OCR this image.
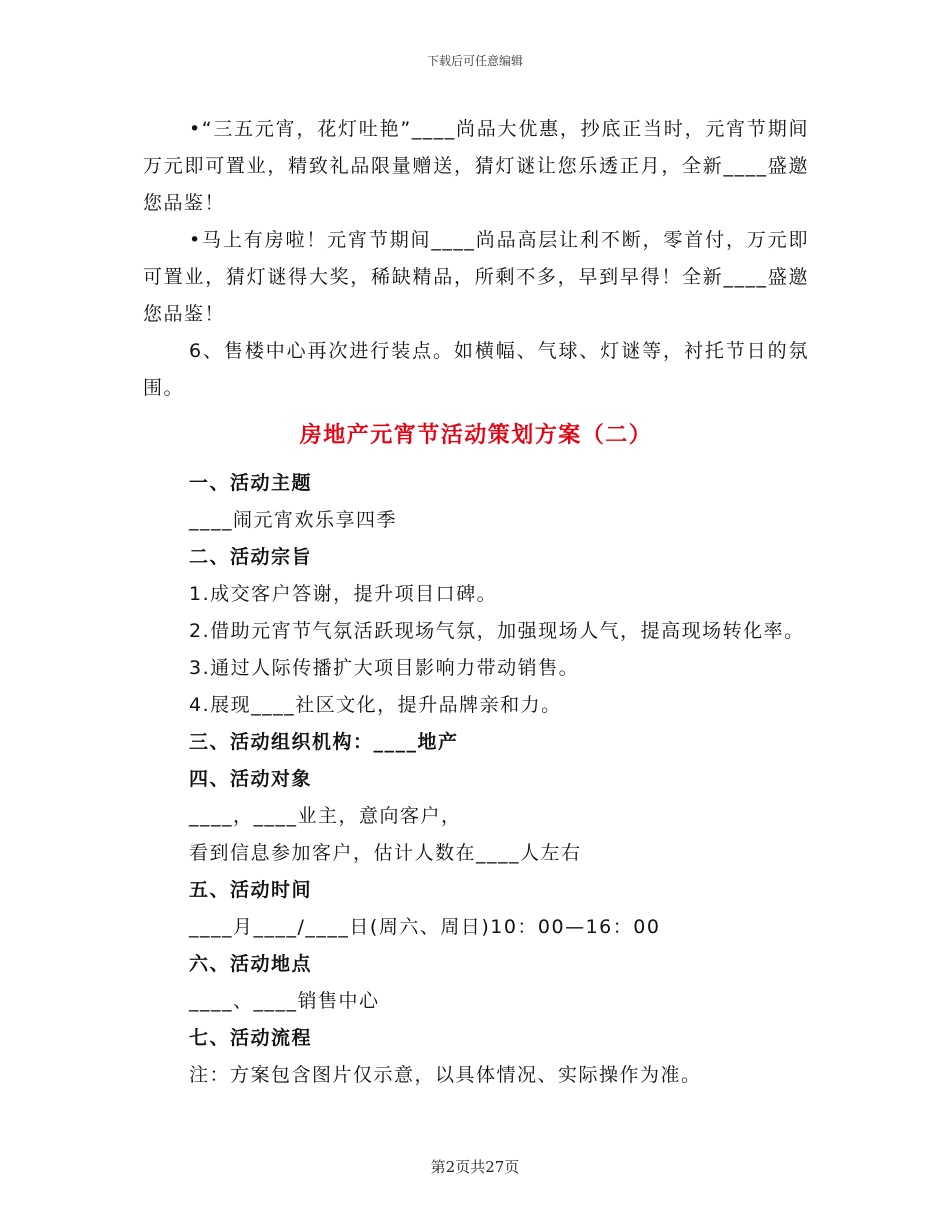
下载后可任意编辑

•“三五元宵，花灯吐艳”____尚品大优惠，抄底正当时，元宵节期间万元即可置业，精致礼品限量赠送，猜灯谜让您乐透正月，全新____盛邀您品鉴！

•马上有房啦！元宵节期间____尚品高层让利不断，零首付，万元即可置业，猜灯谜得大奖，稀缺精品，所剩不多，早到早得！全新____盛邀您品鉴！

6、售楼中心再次进行装点。如横幅、气球、灯谜等，衬托节日的氛围。

房地产元宵节活动策划方案（二）

一、活动主题

____闹元宵欢乐享四季

二、活动宗旨

1.成交客户答谢，提升项目口碑。

2.借助元宵节气氛活跃现场气氛，加强现场人气，提高现场转化率。

3.通过人际传播扩大项目影响力带动销售。

4.展现____社区文化，提升品牌亲和力。

三、活动组织机构：____地产

四、活动对象

____，____业主，意向客户，

看到信息参加客户，估计人数在____人左右

五、活动时间

____月____/____日(周六、周日)10：00—16：00

六、活动地点

____、____销售中心

七、活动流程

注：方案包含图片仅示意，以具体情况、实际操作为准。

第2页共27页
